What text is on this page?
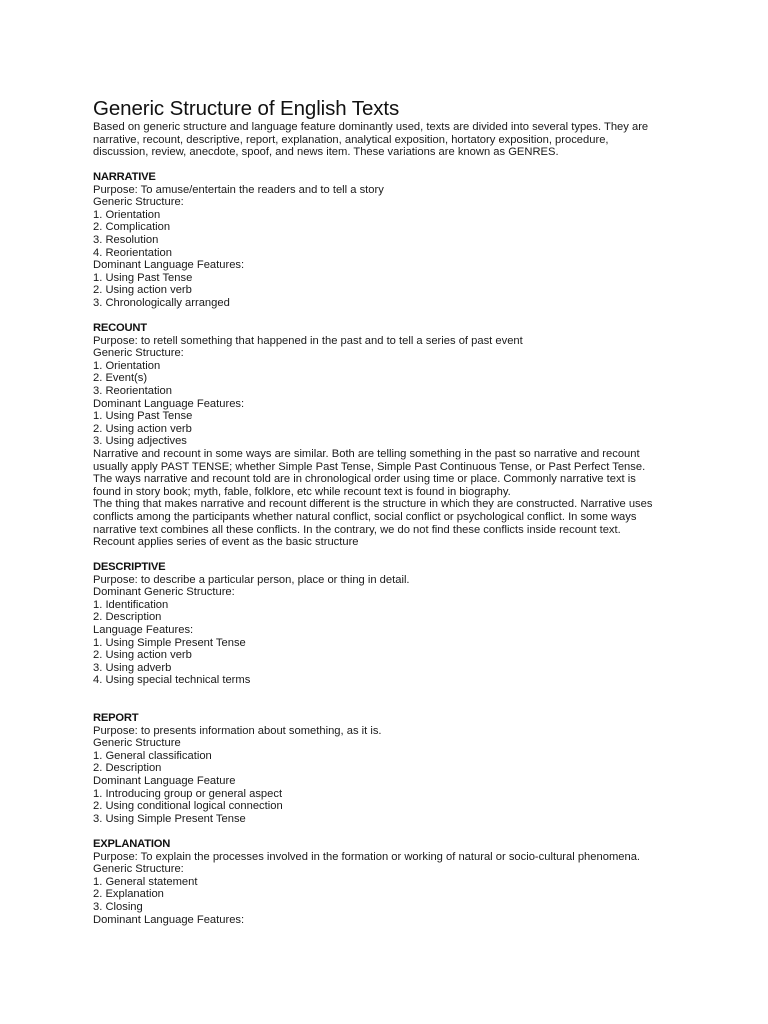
Generic Structure of English Texts
Based on generic structure and language feature dominantly used, texts are divided into several types. They are
narrative, recount, descriptive, report, explanation, analytical exposition, hortatory exposition, procedure,
discussion, review, anecdote, spoof, and news item. These variations are known as GENRES.
NARRATIVE
Purpose: To amuse/entertain the readers and to tell a story
Generic Structure:
1. Orientation
2. Complication
3. Resolution
4. Reorientation
Dominant Language Features:
1. Using Past Tense
2. Using action verb
3. Chronologically arranged
RECOUNT
Purpose: to retell something that happened in the past and to tell a series of past event
Generic Structure:
1. Orientation
2. Event(s)
3. Reorientation
Dominant Language Features:
1. Using Past Tense
2. Using action verb
3. Using adjectives
Narrative and recount in some ways are similar. Both are telling something in the past so narrative and recount
usually apply PAST TENSE; whether Simple Past Tense, Simple Past Continuous Tense, or Past Perfect Tense.
The ways narrative and recount told are in chronological order using time or place. Commonly narrative text is
found in story book; myth, fable, folklore, etc while recount text is found in biography.
The thing that makes narrative and recount different is the structure in which they are constructed. Narrative uses
conflicts among the participants whether natural conflict, social conflict or psychological conflict. In some ways
narrative text combines all these conflicts. In the contrary, we do not find these conflicts inside recount text.
Recount applies series of event as the basic structure
DESCRIPTIVE
Purpose: to describe a particular person, place or thing in detail.
Dominant Generic Structure:
1. Identification
2. Description
Language Features:
1. Using Simple Present Tense
2. Using action verb
3. Using adverb
4. Using special technical terms
REPORT
Purpose: to presents information about something, as it is.
Generic Structure
1. General classification
2. Description
Dominant Language Feature
1. Introducing group or general aspect
2. Using conditional logical connection
3. Using Simple Present Tense
EXPLANATION
Purpose: To explain the processes involved in the formation or working of natural or socio-cultural phenomena.
Generic Structure:
1. General statement
2. Explanation
3. Closing
Dominant Language Features:
